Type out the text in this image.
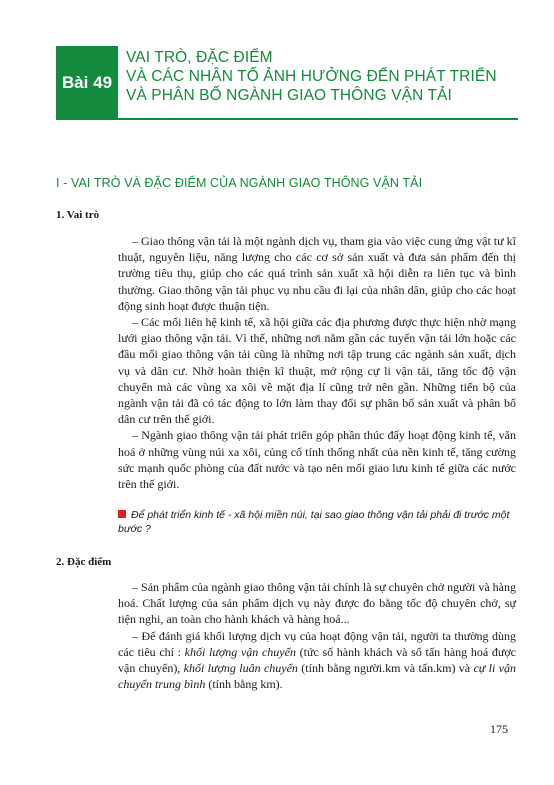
Bài 49
VAI TRÒ, ĐẶC ĐIỂM
VÀ CÁC NHÂN TỐ ẢNH HƯỞNG ĐẾN PHÁT TRIỂN
VÀ PHÂN BỐ NGÀNH GIAO THÔNG VẬN TẢI
I - VAI TRÒ VÀ ĐẶC ĐIỂM CỦA NGÀNH GIAO THÔNG VẬN TẢI
1. Vai trò

– Giao thông vận tải là một ngành dịch vụ, tham gia vào việc cung ứng vật tư kĩ thuật, nguyên liệu, năng lượng cho các cơ sở sản xuất và đưa sản phẩm đến thị trường tiêu thụ, giúp cho các quá trình sản xuất xã hội diễn ra liên tục và bình thường. Giao thông vận tải phục vụ nhu cầu đi lại của nhân dân, giúp cho các hoạt động sinh hoạt được thuận tiện.

– Các mối liên hệ kinh tế, xã hội giữa các địa phương được thực hiện nhờ mạng lưới giao thông vận tải. Vì thế, những nơi nằm gần các tuyến vận tải lớn hoặc các đầu mối giao thông vận tải cũng là những nơi tập trung các ngành sản xuất, dịch vụ và dân cư. Nhờ hoàn thiện kĩ thuật, mở rộng cự li vận tải, tăng tốc độ vận chuyển mà các vùng xa xôi về mặt địa lí cũng trở nên gần. Những tiến bộ của ngành vận tải đã có tác động to lớn làm thay đổi sự phân bố sản xuất và phân bố dân cư trên thế giới.

– Ngành giao thông vận tải phát triển góp phần thúc đẩy hoạt động kinh tế, văn hoá ở những vùng núi xa xôi, củng cố tính thống nhất của nền kinh tế, tăng cường sức mạnh quốc phòng của đất nước và tạo nên mối giao lưu kinh tế giữa các nước trên thế giới.

Để phát triển kinh tế - xã hội miền núi, tại sao giao thông vận tải phải đi trước một bước ?
2. Đặc điểm

– Sản phẩm của ngành giao thông vận tải chính là sự chuyên chở người và hàng hoá. Chất lượng của sản phẩm dịch vụ này được đo bằng tốc độ chuyên chở, sự tiện nghi, an toàn cho hành khách và hàng hoá...

– Để đánh giá khối lượng dịch vụ của hoạt động vận tải, người ta thường dùng các tiêu chí : khối lượng vận chuyển (tức số hành khách và số tấn hàng hoá được vận chuyển), khối lượng luân chuyển (tính bằng người.km và tấn.km) và cự li vận chuyển trung bình (tính bằng km).

175
